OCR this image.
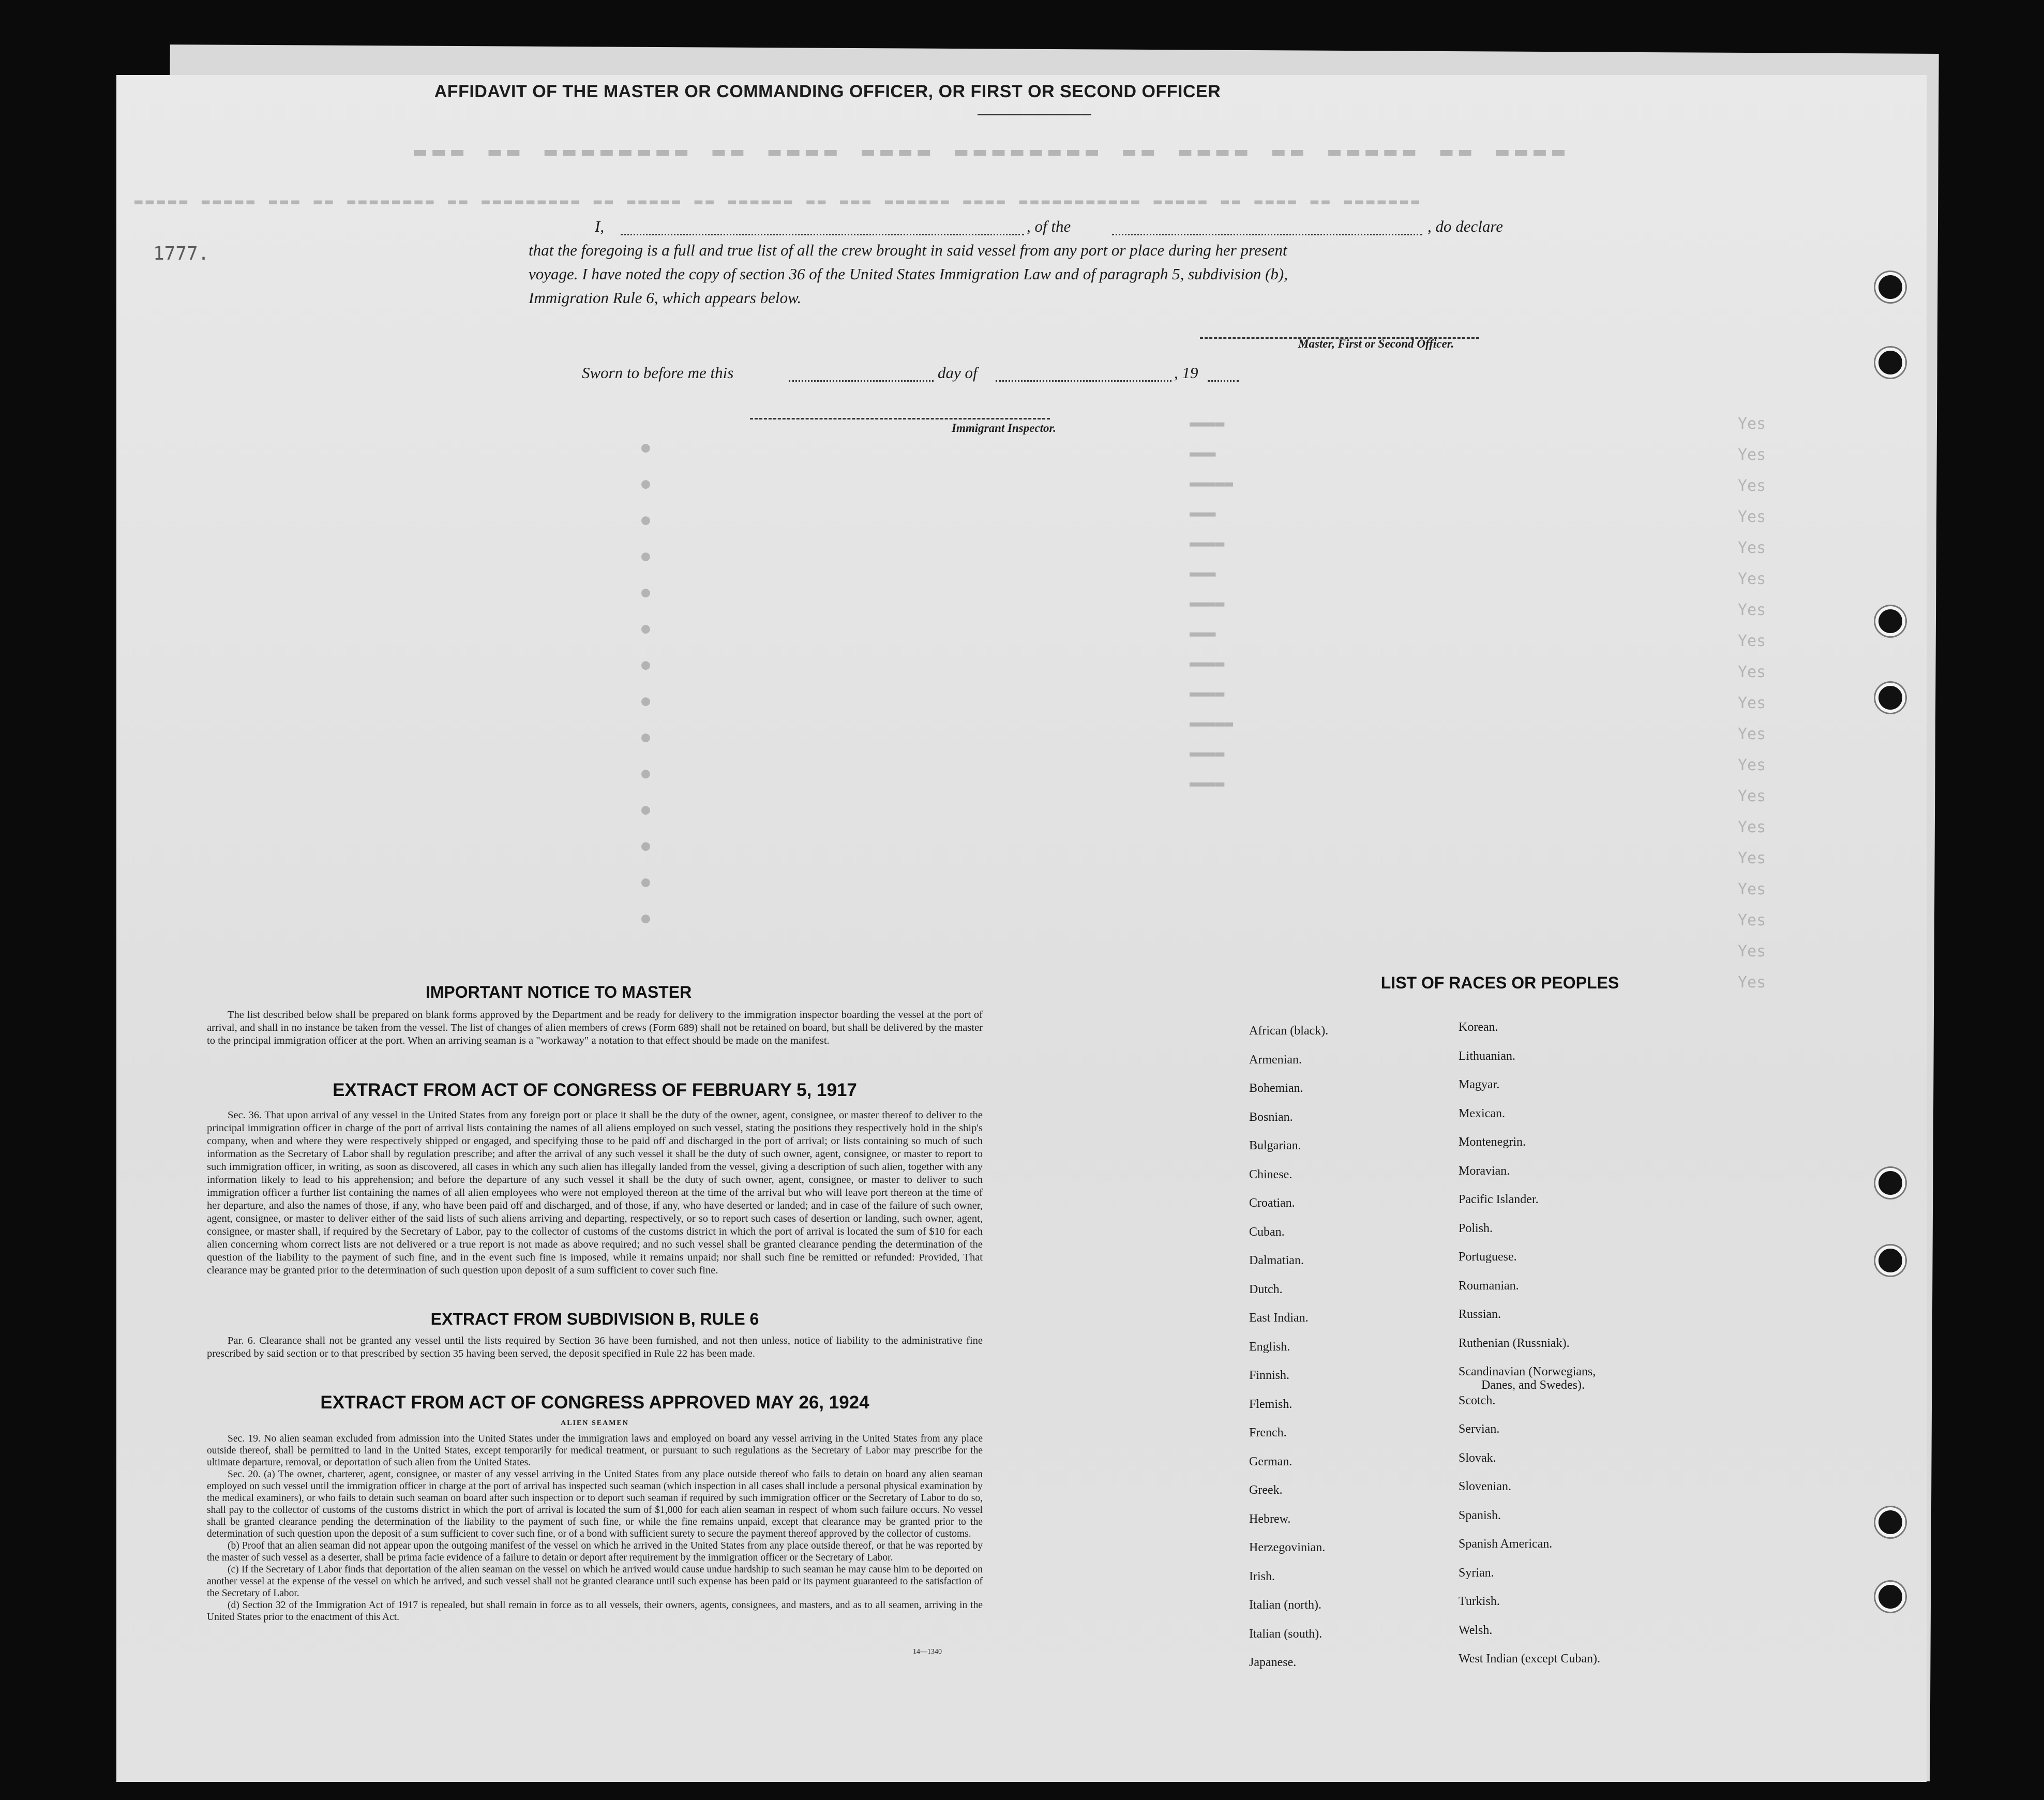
▬▬▬ ▬▬ ▬▬▬▬▬▬▬▬ ▬▬ ▬▬▬▬ ▬▬▬▬ ▬▬▬▬▬▬▬▬ ▬▬ ▬▬▬▬ ▬▬ ▬▬▬▬▬ ▬▬ ▬▬▬▬
▬▬▬▬▬ ▬▬▬▬▬ ▬▬▬ ▬▬ ▬▬▬▬▬▬▬▬ ▬▬ ▬▬▬▬▬▬▬▬▬ ▬▬ ▬▬▬▬▬ ▬▬ ▬▬▬▬▬▬ ▬▬ ▬▬▬ ▬▬▬▬▬▬ ▬▬▬▬ ▬▬▬▬▬▬▬▬▬▬▬ ▬▬▬▬▬ ▬▬ ▬▬▬▬ ▬▬ ▬▬▬▬▬▬▬
Yes
Yes
Yes
Yes
Yes
Yes
Yes
Yes
Yes
Yes
Yes
Yes
Yes
Yes
Yes
Yes
Yes
Yes
Yes
▬▬▬▬
▬▬▬
▬▬▬▬▬
▬▬▬
▬▬▬▬
▬▬▬
▬▬▬▬
▬▬▬
▬▬▬▬
▬▬▬▬
▬▬▬▬▬
▬▬▬▬
▬▬▬▬
●
●
●
●
●
●
●
●
●
●
●
●
●
●
1777.
AFFIDAVIT OF THE MASTER OR COMMANDING OFFICER, OR FIRST OR SECOND OFFICER
I,	, of the	, do declare
that the foregoing is a full and true list of all the crew brought in said vessel from any port or place during her present
voyage. I have noted the copy of section 36 of the United States Immigration Law and of paragraph 5, subdivision (b),
Immigration Rule 6, which appears below.
Master, First or Second Officer.
Sworn to before me this	day of	, 19
Immigrant Inspector.
IMPORTANT NOTICE TO MASTER

The list described below shall be prepared on blank forms approved by the Department and be ready for delivery to the immigration inspector boarding the vessel at the port of arrival, and shall in no instance be taken from the vessel. The list of changes of alien members of crews (Form 689) shall not be retained on board, but shall be delivered by the master to the principal immigration officer at the port. When an arriving seaman is a "workaway" a notation to that effect should be made on the manifest.

EXTRACT FROM ACT OF CONGRESS OF FEBRUARY 5, 1917

Sec. 36. That upon arrival of any vessel in the United States from any foreign port or place it shall be the duty of the owner, agent, consignee, or master thereof to deliver to the principal immigration officer in charge of the port of arrival lists containing the names of all aliens employed on such vessel, stating the positions they respectively hold in the ship's company, when and where they were respectively shipped or engaged, and specifying those to be paid off and discharged in the port of arrival; or lists containing so much of such information as the Secretary of Labor shall by regulation prescribe; and after the arrival of any such vessel it shall be the duty of such owner, agent, consignee, or master to report to such immigration officer, in writing, as soon as discovered, all cases in which any such alien has illegally landed from the vessel, giving a description of such alien, together with any information likely to lead to his apprehension; and before the departure of any such vessel it shall be the duty of such owner, agent, consignee, or master to deliver to such immigration officer a further list containing the names of all alien employees who were not employed thereon at the time of the arrival but who will leave port thereon at the time of her departure, and also the names of those, if any, who have been paid off and discharged, and of those, if any, who have deserted or landed; and in case of the failure of such owner, agent, consignee, or master to deliver either of the said lists of such aliens arriving and departing, respectively, or so to report such cases of desertion or landing, such owner, agent, consignee, or master shall, if required by the Secretary of Labor, pay to the collector of customs of the customs district in which the port of arrival is located the sum of $10 for each alien concerning whom correct lists are not delivered or a true report is not made as above required; and no such vessel shall be granted clearance pending the determination of the question of the liability to the payment of such fine, and in the event such fine is imposed, while it remains unpaid; nor shall such fine be remitted or refunded: Provided, That clearance may be granted prior to the determination of such question upon deposit of a sum sufficient to cover such fine.

EXTRACT FROM SUBDIVISION B, RULE 6

Par. 6. Clearance shall not be granted any vessel until the lists required by Section 36 have been furnished, and not then unless, notice of liability to the administrative fine prescribed by said section or to that prescribed by section 35 having been served, the deposit specified in Rule 22 has been made.

EXTRACT FROM ACT OF CONGRESS APPROVED MAY 26, 1924
ALIEN SEAMEN

Sec. 19. No alien seaman excluded from admission into the United States under the immigration laws and employed on board any vessel arriving in the United States from any place outside thereof, shall be permitted to land in the United States, except temporarily for medical treatment, or pursuant to such regulations as the Secretary of Labor may prescribe for the ultimate departure, removal, or deportation of such alien from the United States.

Sec. 20. (a) The owner, charterer, agent, consignee, or master of any vessel arriving in the United States from any place outside thereof who fails to detain on board any alien seaman employed on such vessel until the immigration officer in charge at the port of arrival has inspected such seaman (which inspection in all cases shall include a personal physical examination by the medical examiners), or who fails to detain such seaman on board after such inspection or to deport such seaman if required by such immigration officer or the Secretary of Labor to do so, shall pay to the collector of customs of the customs district in which the port of arrival is located the sum of $1,000 for each alien seaman in respect of whom such failure occurs. No vessel shall be granted clearance pending the determination of the liability to the payment of such fine, or while the fine remains unpaid, except that clearance may be granted prior to the determination of such question upon the deposit of a sum sufficient to cover such fine, or of a bond with sufficient surety to secure the payment thereof approved by the collector of customs.

(b) Proof that an alien seaman did not appear upon the outgoing manifest of the vessel on which he arrived in the United States from any place outside thereof, or that he was reported by the master of such vessel as a deserter, shall be prima facie evidence of a failure to detain or deport after requirement by the immigration officer or the Secretary of Labor.

(c) If the Secretary of Labor finds that deportation of the alien seaman on the vessel on which he arrived would cause undue hardship to such seaman he may cause him to be deported on another vessel at the expense of the vessel on which he arrived, and such vessel shall not be granted clearance until such expense has been paid or its payment guaranteed to the satisfaction of the Secretary of Labor.

(d) Section 32 of the Immigration Act of 1917 is repealed, but shall remain in force as to all vessels, their owners, agents, consignees, and masters, and as to all seamen, arriving in the United States prior to the enactment of this Act.

14—1340
LIST OF RACES OR PEOPLES
African (black).
Armenian.
Bohemian.
Bosnian.
Bulgarian.
Chinese.
Croatian.
Cuban.
Dalmatian.
Dutch.
East Indian.
English.
Finnish.
Flemish.
French.
German.
Greek.
Hebrew.
Herzegovinian.
Irish.
Italian (north).
Italian (south).
Japanese.
Korean.
Lithuanian.
Magyar.
Mexican.
Montenegrin.
Moravian.
Pacific Islander.
Polish.
Portuguese.
Roumanian.
Russian.
Ruthenian (Russniak).
Scandinavian (Norwegians,
Danes, and Swedes).
Scotch.
Servian.
Slovak.
Slovenian.
Spanish.
Spanish American.
Syrian.
Turkish.
Welsh.
West Indian (except Cuban).
